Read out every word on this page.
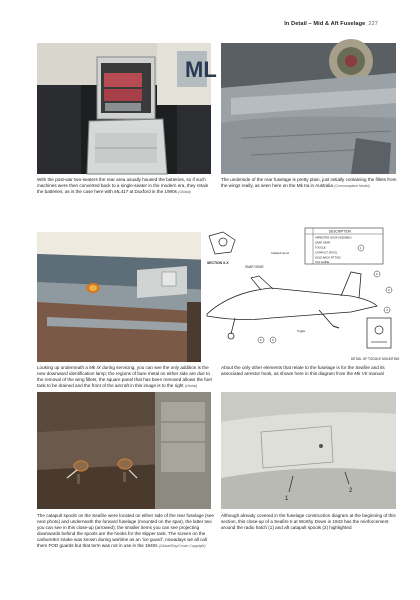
In Detail – Mid & Aft Fuselage 227
ML
With the post-war two-seaters the rear area usually housed the batteries, so if such machines were then converted back to a single-seater in the modern era, they retain the batteries, as is the case here with ML417 at Duxford in the 1990s (Global)
The underside of the rear fuselage is pretty plain, just initially containing the fillets from the wings really, as seen here on the Mk IIa in Australia (Commonplace Model)
Looking up underneath a Mk IX during servicing, you can see the only addition is the new downward identification lamp; the regions of bare metal on either side are due to the removal of the wing fillets, the square panel that has been removed allows the fuel tank to be drained and the front of the aircraft in this image is to the right (Global)
DESCRIPTION
ARRESTER HOOK ASSEMBLY
SNAP GEAR
TOGGLE
CATAPULT SPOOL
HOLD BACK FITTING
TAIL GUIDE
SECTION X-X
SNAP GEAR
Catapult spool
Toggle
1
2
3
4
5	6
DETAIL OF TOGGLE MOUNTING
About the only other elements that relate to the fuselage is for the Seafire and its associated arrestor hook, as shown here in this diagram from the Mk VII manual
The catapult spools on the Seafire were located on either side of the rear fuselage (see next photo) and underneath the forward fuselage (mounted on the spar), the latter two you can see in this close-up (arrowed); the smaller items you can see projecting downwards behind the spools are the hooks for the slipper tank. The screen on the carburettor intake was known during wartime as an 'ice guard', nowadays we all call them FOD guards but that term was not in use in the 1940s (Global/Ray/Crown Copyright)
1
2
Although already covered in the fuselage construction diagram at the beginning of this section, this close-up of a Seafire II at Worthy Down in 1943 has the reinforcement around the radio hatch (1) and aft catapult spools (2) highlighted
